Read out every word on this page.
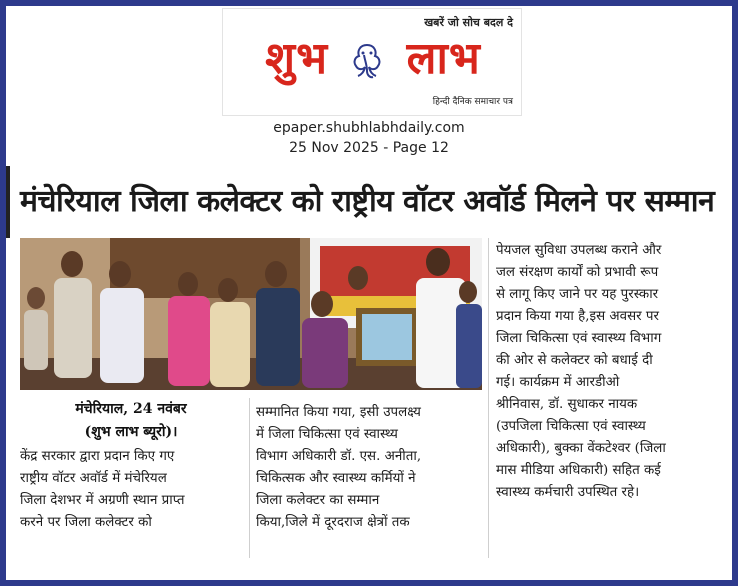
खबरें जो सोच बदल दे
शुभ लाभ
हिन्दी दैनिक समाचार पत्र
epaper.shubhlabhdaily.com
25 Nov 2025 - Page 12
मंचेरियाल जिला कलेक्टर को राष्ट्रीय वॉटर अवॉर्ड मिलने पर सम्मान
मंचेरियाल, 24 नवंबर
(शुभ लाभ ब्यूरो)।
केंद्र सरकार द्वारा प्रदान किए गए
राष्ट्रीय वॉटर अवॉर्ड में मंचेरियल
जिला देशभर में अग्रणी स्थान प्राप्त
करने पर जिला कलेक्टर को
सम्मानित किया गया, इसी उपलक्ष्य
में जिला चिकित्सा एवं स्वास्थ्य
विभाग अधिकारी डॉ. एस. अनीता,
चिकित्सक और स्वास्थ्य कर्मियों ने
जिला कलेक्टर का सम्मान
किया,जिले में दूरदराज क्षेत्रों तक
पेयजल सुविधा उपलब्ध कराने और
जल संरक्षण कार्यों को प्रभावी रूप
से लागू किए जाने पर यह पुरस्कार
प्रदान किया गया है,इस अवसर पर
जिला चिकित्सा एवं स्वास्थ्य विभाग
की ओर से कलेक्टर को बधाई दी
गई। कार्यक्रम में आरडीओ
श्रीनिवास, डॉ. सुधाकर नायक
(उपजिला चिकित्सा एवं स्वास्थ्य
अधिकारी), बुक्का वेंकटेश्वर (जिला
मास मीडिया अधिकारी) सहित कई
स्वास्थ्य कर्मचारी उपस्थित रहे।
